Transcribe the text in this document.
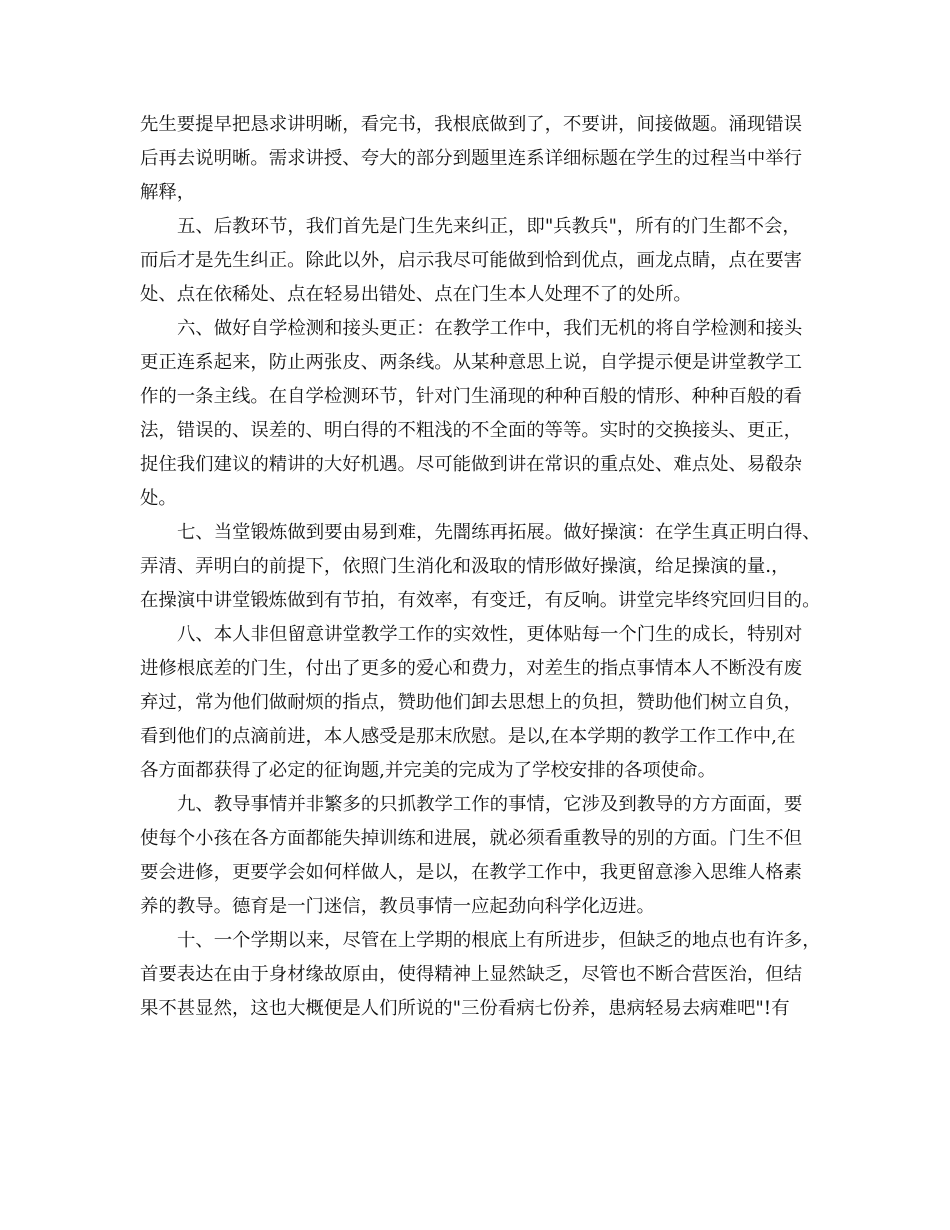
先生要提早把恳求讲明晰，看完书，我根底做到了，不要讲，间接做题。涌现错误
后再去说明晰。需求讲授、夸大的部分到题里连系详细标题在学生的过程当中举行
解释，

五、后教环节，我们首先是门生先来纠正，即"兵教兵"，所有的门生都不会，
而后才是先生纠正。除此以外，启示我尽可能做到恰到优点，画龙点睛，点在要害
处、点在依稀处、点在轻易出错处、点在门生本人处理不了的处所。

六、做好自学检测和接头更正：在教学工作中，我们无机的将自学检测和接头
更正连系起来，防止两张皮、两条线。从某种意思上说，自学提示便是讲堂教学工
作的一条主线。在自学检测环节，针对门生涌现的种种百般的情形、种种百般的看
法，错误的、误差的、明白得的不粗浅的不全面的等等。实时的交换接头、更正，
捉住我们建议的精讲的大好机遇。尽可能做到讲在常识的重点处、难点处、易殽杂
处。

七、当堂锻炼做到要由易到难，先闇练再拓展。做好操演：在学生真正明白得、
弄清、弄明白的前提下，依照门生消化和汲取的情形做好操演，给足操演的量.，
在操演中讲堂锻炼做到有节拍，有效率，有变迁，有反响。讲堂完毕终究回归目的。

八、本人非但留意讲堂教学工作的实效性，更体贴每一个门生的成长，特别对
进修根底差的门生，付出了更多的爱心和费力，对差生的指点事情本人不断没有废
弃过，常为他们做耐烦的指点，赞助他们卸去思想上的负担，赞助他们树立自负，
看到他们的点滴前进，本人感受是那末欣慰。是以,在本学期的教学工作工作中,在
各方面都获得了必定的征询题,并完美的完成为了学校安排的各项使命。

九、教导事情并非繁多的只抓教学工作的事情，它涉及到教导的方方面面，要
使每个小孩在各方面都能失掉训练和进展，就必须看重教导的别的方面。门生不但
要会进修，更要学会如何样做人，是以，在教学工作中，我更留意渗入思维人格素
养的教导。德育是一门迷信，教员事情一应起劲向科学化迈进。

十、一个学期以来，尽管在上学期的根底上有所进步，但缺乏的地点也有许多，
首要表达在由于身材缘故原由，使得精神上显然缺乏，尽管也不断合营医治，但结
果不甚显然，这也大概便是人们所说的"三份看病七份养，患病轻易去病难吧"!有
